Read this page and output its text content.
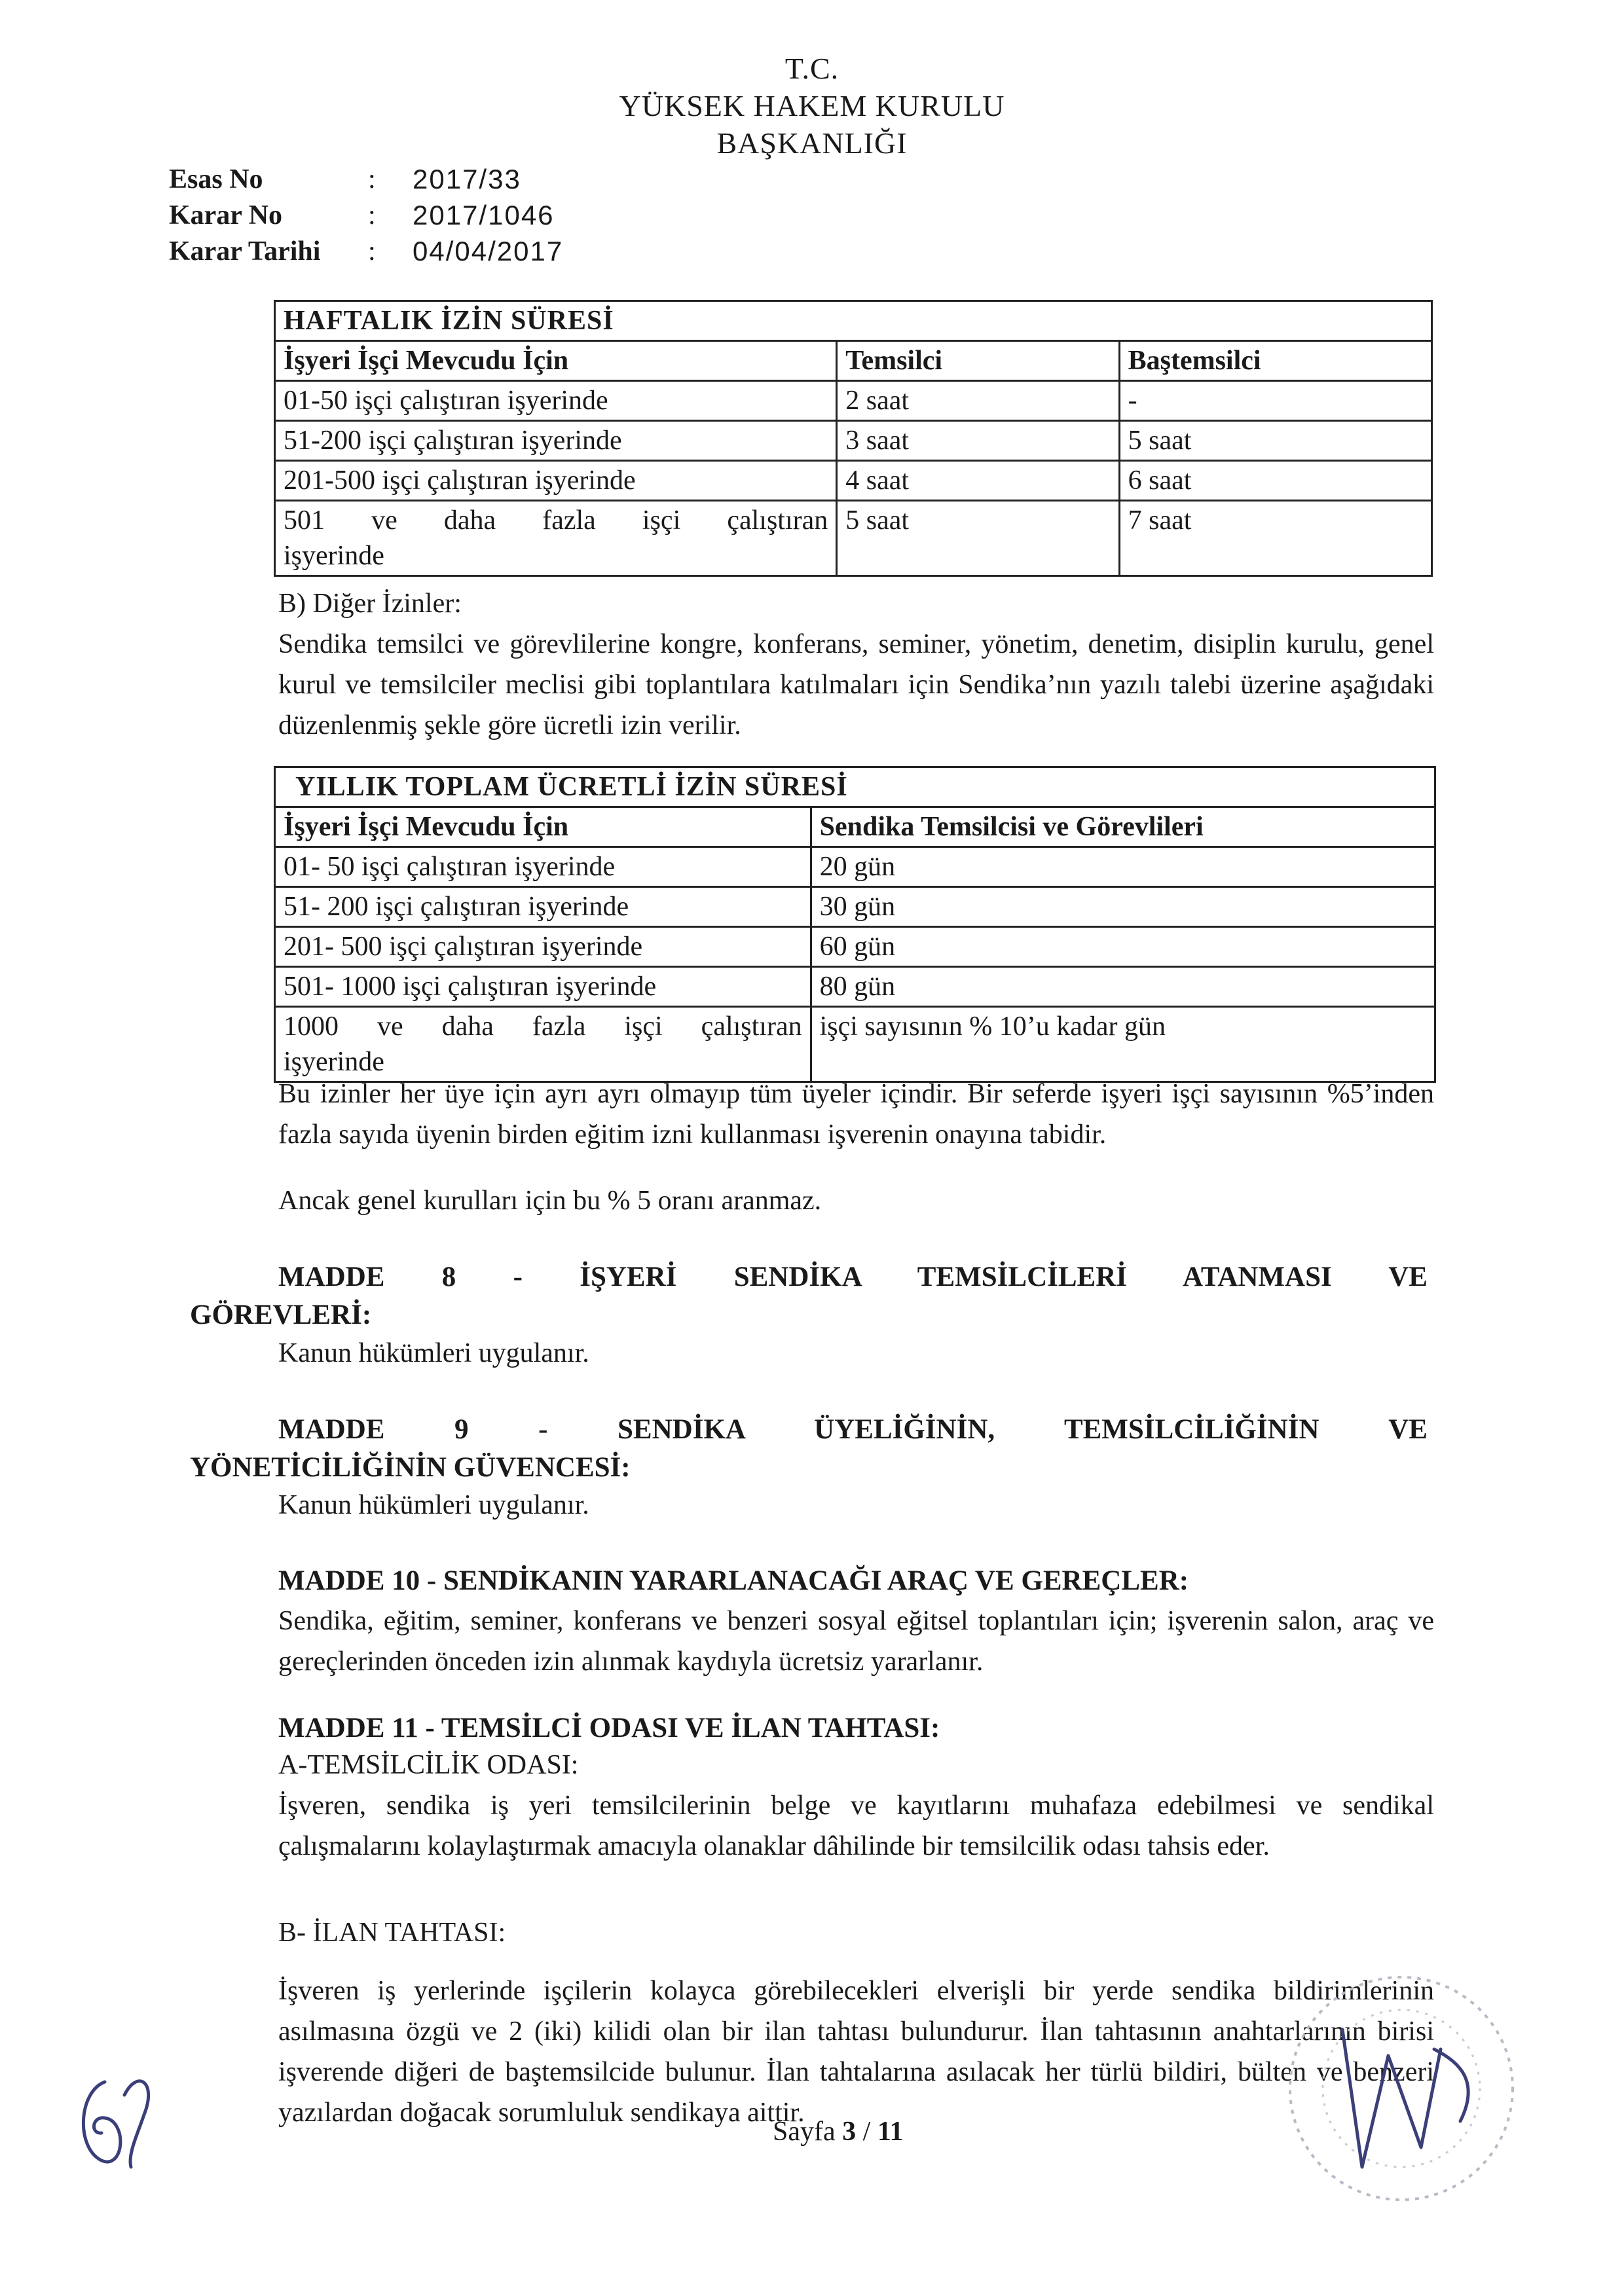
T.C.
YÜKSEK HAKEM KURULU
BAŞKANLIĞI
Esas No	: 2017/33
Karar No	: 2017/1046
Karar Tarihi : 04/04/2017
HAFTALIK İZİN SÜRESİ		
İşyeri İşçi Mevcudu İçin	Temsilci	Baştemsilci
01-50 işçi çalıştıran işyerinde	2 saat	-
51-200 işçi çalıştıran işyerinde	3 saat	5 saat
201-500 işçi çalıştıran işyerinde	4 saat	6 saat

501 ve daha fazla işçi çalıştıran
işyerinde	5 saat	7 saat
B) Diğer İzinler:
Sendika temsilci ve görevlilerine kongre, konferans, seminer, yönetim, denetim, disiplin kurulu, genel kurul ve temsilciler meclisi gibi toplantılara katılmaları için Sendika’nın yazılı talebi üzerine aşağıdaki düzenlenmiş şekle göre ücretli izin verilir.
YILLIK TOPLAM ÜCRETLİ İZİN SÜRESİ	
İşyeri İşçi Mevcudu İçin	Sendika Temsilcisi ve Görevlileri
01- 50 işçi çalıştıran işyerinde	20 gün
51- 200 işçi çalıştıran işyerinde	30 gün
201- 500 işçi çalıştıran işyerinde	60 gün
501- 1000 işçi çalıştıran işyerinde	80 gün

1000 ve daha fazla işçi çalıştıran
işyerinde	işçi sayısının % 10’u kadar gün
Bu izinler her üye için ayrı ayrı olmayıp tüm üyeler içindir. Bir seferde işyeri işçi sayısının %5’inden fazla sayıda üyenin birden eğitim izni kullanması işverenin onayına tabidir.
Ancak genel kurulları için bu % 5 oranı aranmaz.
MADDE 8 - İŞYERİ SENDİKA TEMSİLCİLERİ ATANMASI VE
GÖREVLERİ:
Kanun hükümleri uygulanır.
MADDE 9 - SENDİKA ÜYELİĞİNİN, TEMSİLCİLİĞİNİN VE
YÖNETİCİLİĞİNİN GÜVENCESİ:
Kanun hükümleri uygulanır.
MADDE 10 - SENDİKANIN YARARLANACAĞI ARAÇ VE GEREÇLER:
Sendika, eğitim, seminer, konferans ve benzeri sosyal eğitsel toplantıları için; işverenin salon, araç ve gereçlerinden önceden izin alınmak kaydıyla ücretsiz yararlanır.
MADDE 11 - TEMSİLCİ ODASI VE İLAN TAHTASI:
A-TEMSİLCİLİK ODASI:
İşveren, sendika iş yeri temsilcilerinin belge ve kayıtlarını muhafaza edebilmesi ve sendikal çalışmalarını kolaylaştırmak amacıyla olanaklar dâhilinde bir temsilcilik odası tahsis eder.
B- İLAN TAHTASI:
İşveren iş yerlerinde işçilerin kolayca görebilecekleri elverişli bir yerde sendika bildirimlerinin asılmasına özgü ve 2 (iki) kilidi olan bir ilan tahtası bulundurur. İlan tahtasının anahtarlarının birisi işverende diğeri de baştemsilcide bulunur. İlan tahtalarına asılacak her türlü bildiri, bülten ve benzeri yazılardan doğacak sorumluluk sendikaya aittir.
Sayfa 3 / 11
